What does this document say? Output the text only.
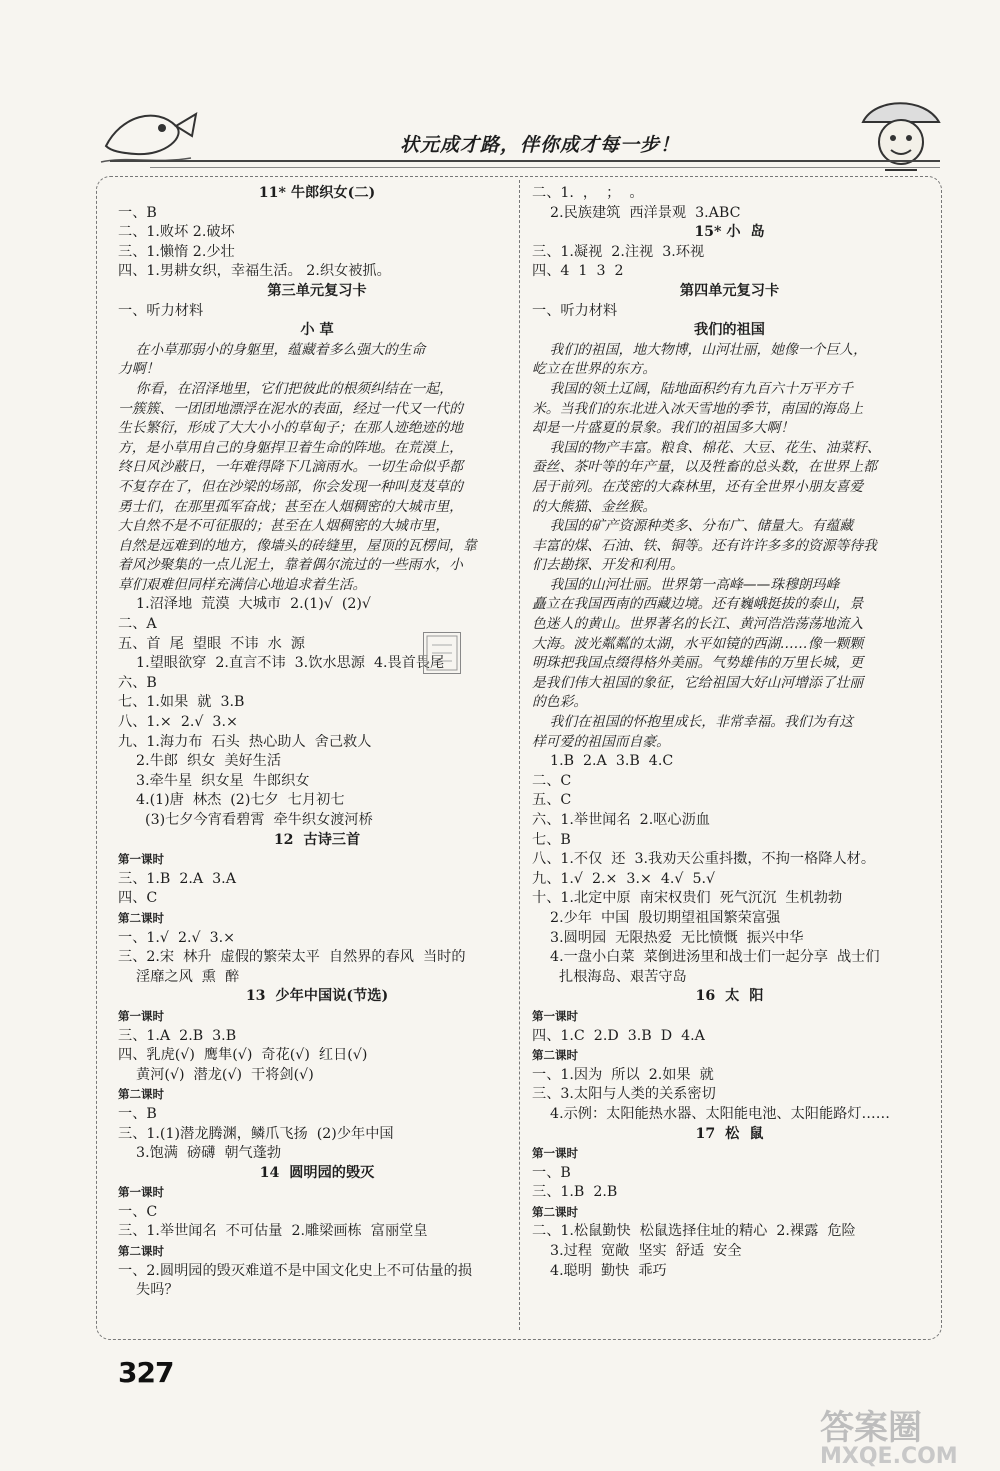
状元成才路，伴你成才每一步！
11* 牛郎织女(二)
一、B
二、1.败坏 2.破坏
三、1.懒惰 2.少壮
四、1.男耕女织，幸福生活。 2.织女被抓。
第三单元复习卡
一、听力材料
小 草
在小草那弱小的身躯里，蕴藏着多么强大的生命
力啊！
你看，在沼泽地里，它们把彼此的根须纠结在一起，
一簇簇、一团团地漂浮在泥水的表面，经过一代又一代的
生长繁衍，形成了大大小小的草甸子；在那人迹绝迹的地
方，是小草用自己的身躯捍卫着生命的阵地。在荒漠上，
终日风沙蔽日，一年难得降下几滴雨水。一切生命似乎都
不复存在了，但在沙梁的场部，你会发现一种叫芨芨草的
勇士们，在那里孤军奋战；甚至在人烟稠密的大城市里，
大自然不是不可征服的；甚至在人烟稠密的大城市里，
自然是远难到的地方，像墙头的砖缝里，屋顶的瓦楞间，靠
着风沙聚集的一点儿泥土，靠着偶尔流过的一些雨水，小
草们艰难但同样充满信心地追求着生活。
1.沼泽地  荒漠  大城市  2.(1)√  (2)√
二、A
五、首  尾  望眼  不讳  水  源
1.望眼欲穿  2.直言不讳  3.饮水思源  4.畏首畏尾
六、B
七、1.如果  就  3.B
八、1.×  2.√  3.×
九、1.海力布  石头  热心助人  舍己救人
2.牛郎  织女  美好生活
3.牵牛星  织女星  牛郎织女
4.(1)唐  林杰  (2)七夕  七月初七
(3)七夕今宵看碧霄  牵牛织女渡河桥
12  古诗三首
第一课时
三、1.B  2.A  3.A
四、C
第二课时
一、1.√  2.√  3.×
三、2.宋  林升  虚假的繁荣太平  自然界的春风  当时的
淫靡之风  熏  醉
13  少年中国说(节选)
第一课时
三、1.A  2.B  3.B
四、乳虎(√)  鹰隼(√)  奇花(√)  红日(√)
黄河(√)  潜龙(√)  干将剑(√)
第二课时
一、B
三、1.(1)潜龙腾渊，鳞爪飞扬  (2)少年中国
3.饱满  磅礴  朝气蓬勃
14  圆明园的毁灭
第一课时
一、C
三、1.举世闻名  不可估量  2.雕梁画栋  富丽堂皇
第二课时
一、2.圆明园的毁灭难道不是中国文化史上不可估量的损
失吗？
二、1.  ，  ；  。
2.民族建筑  西洋景观  3.ABC
15* 小  岛
三、1.凝视  2.注视  3.环视
四、4  1  3  2
第四单元复习卡
一、听力材料
我们的祖国
我们的祖国，地大物博，山河壮丽，她像一个巨人，
屹立在世界的东方。
我国的领土辽阔，陆地面积约有九百六十万平方千
米。当我们的东北进入冰天雪地的季节，南国的海岛上
却是一片盛夏的景象。我们的祖国多大啊！
我国的物产丰富。粮食、棉花、大豆、花生、油菜籽、
蚕丝、茶叶等的年产量，以及牲畜的总头数，在世界上都
居于前列。在茂密的大森林里，还有全世界小朋友喜爱
的大熊猫、金丝猴。
我国的矿产资源种类多、分布广、储量大。有蕴藏
丰富的煤、石油、铁、铜等。还有许许多多的资源等待我
们去勘探、开发和利用。
我国的山河壮丽。世界第一高峰——珠穆朗玛峰
矗立在我国西南的西藏边境。还有巍峨挺拔的泰山，景
色迷人的黄山。世界著名的长江、黄河浩浩荡荡地流入
大海。波光粼粼的太湖，水平如镜的西湖……像一颗颗
明珠把我国点缀得格外美丽。气势雄伟的万里长城，更
是我们伟大祖国的象征，它给祖国大好山河增添了壮丽
的色彩。
我们在祖国的怀抱里成长，非常幸福。我们为有这
样可爱的祖国而自豪。
1.B  2.A  3.B  4.C
二、C
五、C
六、1.举世闻名  2.呕心沥血
七、B
八、1.不仅  还  3.我劝天公重抖擞，不拘一格降人材。
九、1.√  2.×  3.×  4.√  5.√
十、1.北定中原  南宋权贵们  死气沉沉  生机勃勃
2.少年  中国  殷切期望祖国繁荣富强
3.圆明园  无限热爱  无比愤慨  振兴中华
4.一盘小白菜  菜倒进汤里和战士们一起分享  战士们
扎根海岛、艰苦守岛
16  太  阳
第一课时
四、1.C  2.D  3.B  D  4.A
第二课时
一、1.因为  所以  2.如果  就
三、3.太阳与人类的关系密切
4.示例：太阳能热水器、太阳能电池、太阳能路灯……
17  松  鼠
第一课时
一、B
三、1.B  2.B
第二课时
二、1.松鼠勤快  松鼠选择住址的精心  2.裸露  危险
3.过程  宽敞  坚实  舒适  安全
4.聪明  勤快  乖巧
327
答案圈
MXQE.COM
